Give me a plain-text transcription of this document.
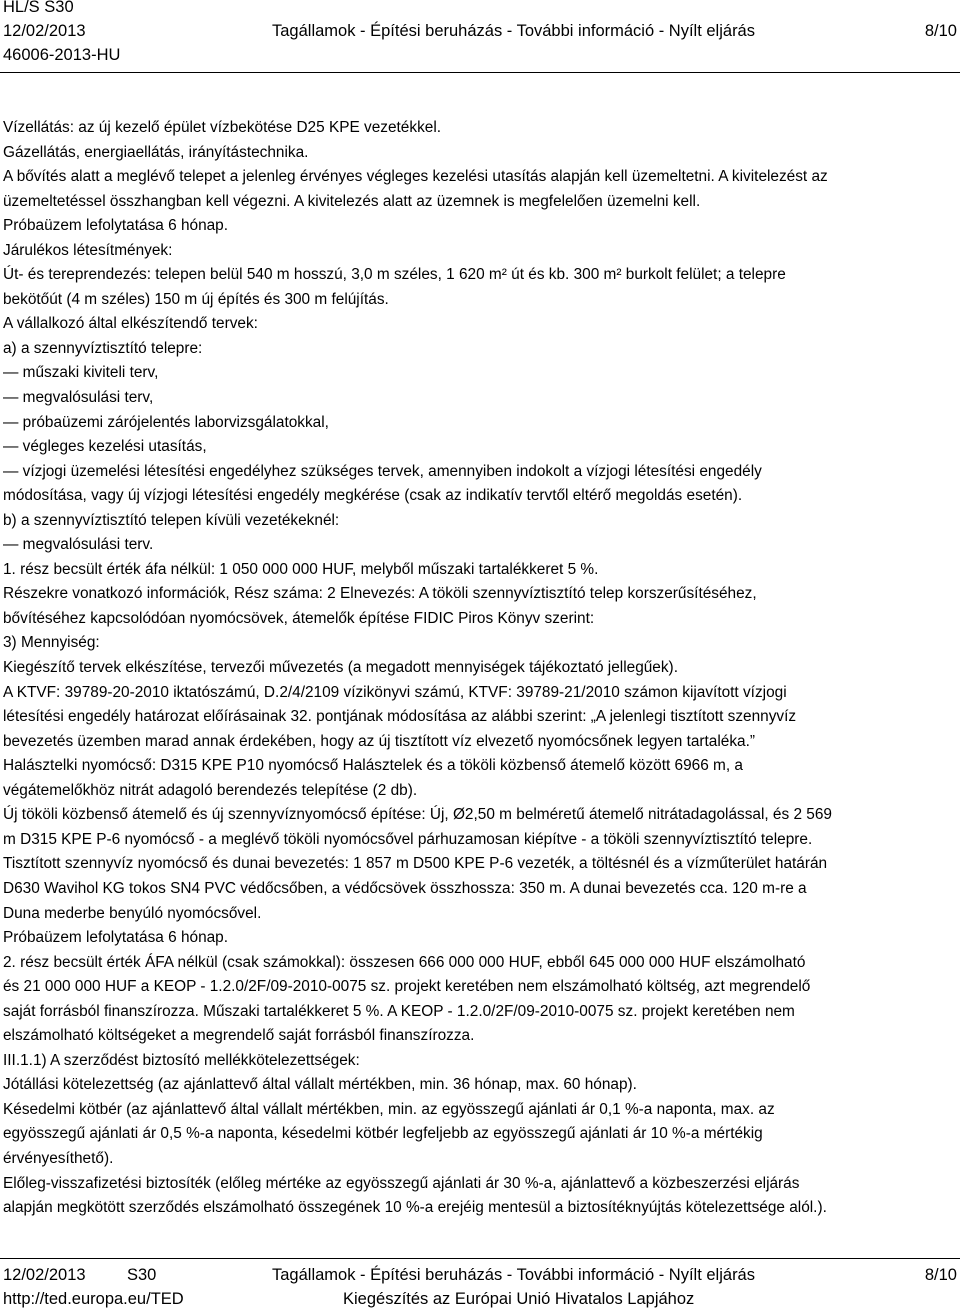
HL/S S30
12/02/2013
46006-2013-HU
Tagállamok - Építési beruházás - További információ - Nyílt eljárás	8/10
Vízellátás: az új kezelő épület vízbekötése D25 KPE vezetékkel.
Gázellátás, energiaellátás, irányítástechnika.
A bővítés alatt a meglévő telepet a jelenleg érvényes végleges kezelési utasítás alapján kell üzemeltetni. A kivitelezést az
üzemeltetéssel összhangban kell végezni. A kivitelezés alatt az üzemnek is megfelelően üzemelni kell.
Próbaüzem lefolytatása 6 hónap.
Járulékos létesítmények:
Út- és tereprendezés: telepen belül 540 m hosszú, 3,0 m széles, 1 620 m² út és kb. 300 m² burkolt felület; a telepre
bekötőút (4 m széles) 150 m új építés és 300 m felújítás.
A vállalkozó által elkészítendő tervek:
a) a szennyvíztisztító telepre:
— műszaki kiviteli terv,
— megvalósulási terv,
— próbaüzemi zárójelentés laborvizsgálatokkal,
— végleges kezelési utasítás,
— vízjogi üzemelési létesítési engedélyhez szükséges tervek, amennyiben indokolt a vízjogi létesítési engedély
módosítása, vagy új vízjogi létesítési engedély megkérése (csak az indikatív tervtől eltérő megoldás esetén).
b) a szennyvíztisztító telepen kívüli vezetékeknél:
— megvalósulási terv.
1. rész becsült érték áfa nélkül: 1 050 000 000 HUF, melyből műszaki tartalékkeret 5 %.
Részekre vonatkozó információk, Rész száma: 2 Elnevezés: A tököli szennyvíztisztító telep korszerűsítéséhez,
bővítéséhez kapcsolódóan nyomócsövek, átemelők építése FIDIC Piros Könyv szerint:
3) Mennyiség:
Kiegészítő tervek elkészítése, tervezői művezetés (a megadott mennyiségek tájékoztató jellegűek).
A KTVF: 39789-20-2010 iktatószámú, D.2/4/2109 vízikönyvi számú, KTVF: 39789-21/2010 számon kijavított vízjogi
létesítési engedély határozat előírásainak 32. pontjának módosítása az alábbi szerint: „A jelenlegi tisztított szennyvíz
bevezetés üzemben marad annak érdekében, hogy az új tisztított víz elvezető nyomócsőnek legyen tartaléka.”
Halásztelki nyomócső: D315 KPE P10 nyomócső Halásztelek és a tököli közbenső átemelő között 6966 m, a
végátemelőkhöz nitrát adagoló berendezés telepítése (2 db).
Új tököli közbenső átemelő és új szennyvíznyomócső építése: Új, Ø2,50 m belméretű átemelő nitrátadagolással, és 2 569
m D315 KPE P-6 nyomócső - a meglévő tököli nyomócsővel párhuzamosan kiépítve - a tököli szennyvíztisztító telepre.
Tisztított szennyvíz nyomócső és dunai bevezetés: 1 857 m D500 KPE P-6 vezeték, a töltésnél és a vízműterület határán
D630 Wavihol KG tokos SN4 PVC védőcsőben, a védőcsövek összhossza: 350 m. A dunai bevezetés cca. 120 m-re a
Duna mederbe benyúló nyomócsővel.
Próbaüzem lefolytatása 6 hónap.
2. rész becsült érték ÁFA nélkül (csak számokkal): összesen 666 000 000 HUF, ebből 645 000 000 HUF elszámolható
és 21 000 000 HUF a KEOP - 1.2.0/2F/09-2010-0075 sz. projekt keretében nem elszámolható költség, azt megrendelő
saját forrásból finanszírozza. Műszaki tartalékkeret 5 %. A KEOP - 1.2.0/2F/09-2010-0075 sz. projekt keretében nem
elszámolható költségeket a megrendelő saját forrásból finanszírozza.
III.1.1) A szerződést biztosító mellékkötelezettségek:
Jótállási kötelezettség (az ajánlattevő által vállalt mértékben, min. 36 hónap, max. 60 hónap).
Késedelmi kötbér (az ajánlattevő által vállalt mértékben, min. az egyösszegű ajánlati ár 0,1 %-a naponta, max. az
egyösszegű ajánlati ár 0,5 %-a naponta, késedelmi kötbér legfeljebb az egyösszegű ajánlati ár 10 %-a mértékig
érvényesíthető).
Előleg-visszafizetési biztosíték (előleg mértéke az egyösszegű ajánlati ár 30 %-a, ajánlattevő a közbeszerzési eljárás
alapján megkötött szerződés elszámolható összegének 10 %-a erejéig mentesül a biztosítéknyújtás kötelezettsége alól.).
12/02/2013	S30
http://ted.europa.eu/TED
Tagállamok - Építési beruházás - További információ - Nyílt eljárás
Kiegészítés az Európai Unió Hivatalos Lapjához
8/10
